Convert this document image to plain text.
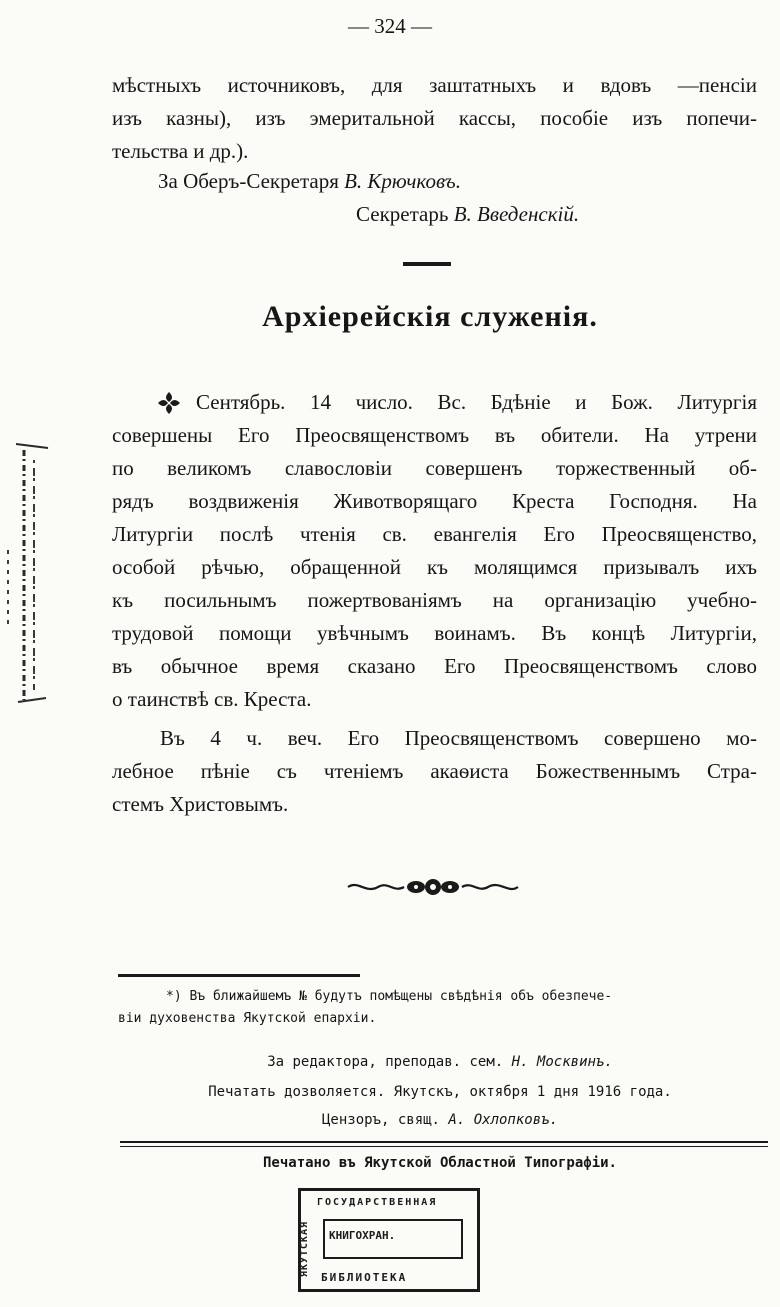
— 324 —
мѣстныхъ источниковъ, для заштатныхъ и вдовъ —пенсіи
изъ казны), изъ эмеритальной кассы, пособіе изъ попечи-
тельства и др.).
За Оберъ-Секретаря В. Крючковъ.
Секретарь В. Введенскій.
Архіерейскія служенія.
Сентябрь. 14 число. Вс. Бдѣніе и Бож. Литургія
совершены Его Преосвященствомъ въ обители. На утрени
по великомъ славословіи совершенъ торжественный об-
рядъ воздвиженія Животворящаго Креста Господня. На
Литургіи послѣ чтенія св. евангелія Его Преосвященство,
особой рѣчью, обращенной къ молящимся призывалъ ихъ
къ посильнымъ пожертвованіямъ на организацію учебно-
трудовой помощи увѣчнымъ воинамъ. Въ концѣ Литургіи,
въ обычное время сказано Его Преосвященствомъ слово
о таинствѣ св. Креста.
Въ 4 ч. веч. Его Преосвященствомъ совершено мо-
лебное пѣніе съ чтеніемъ акаѳиста Божественнымъ Стра-
стемъ Христовымъ.
*) Въ ближайшемъ № будутъ помѣщены свѣдѣнія объ обезпече-
віи духовенства Якутской епархіи.
За редактора, преподав. сем. Н. Москвинъ.
Печатать дозволяется. Якутскъ, октября 1 дня 1916 года.
Цензоръ, свящ. А. Охлопковъ.
Печатано въ Якутской Областной Типографіи.
ГОСУДАРСТВЕННАЯ
ЯКУТСКАЯ КНИГОХРАН.
БИБЛИОТЕКА
